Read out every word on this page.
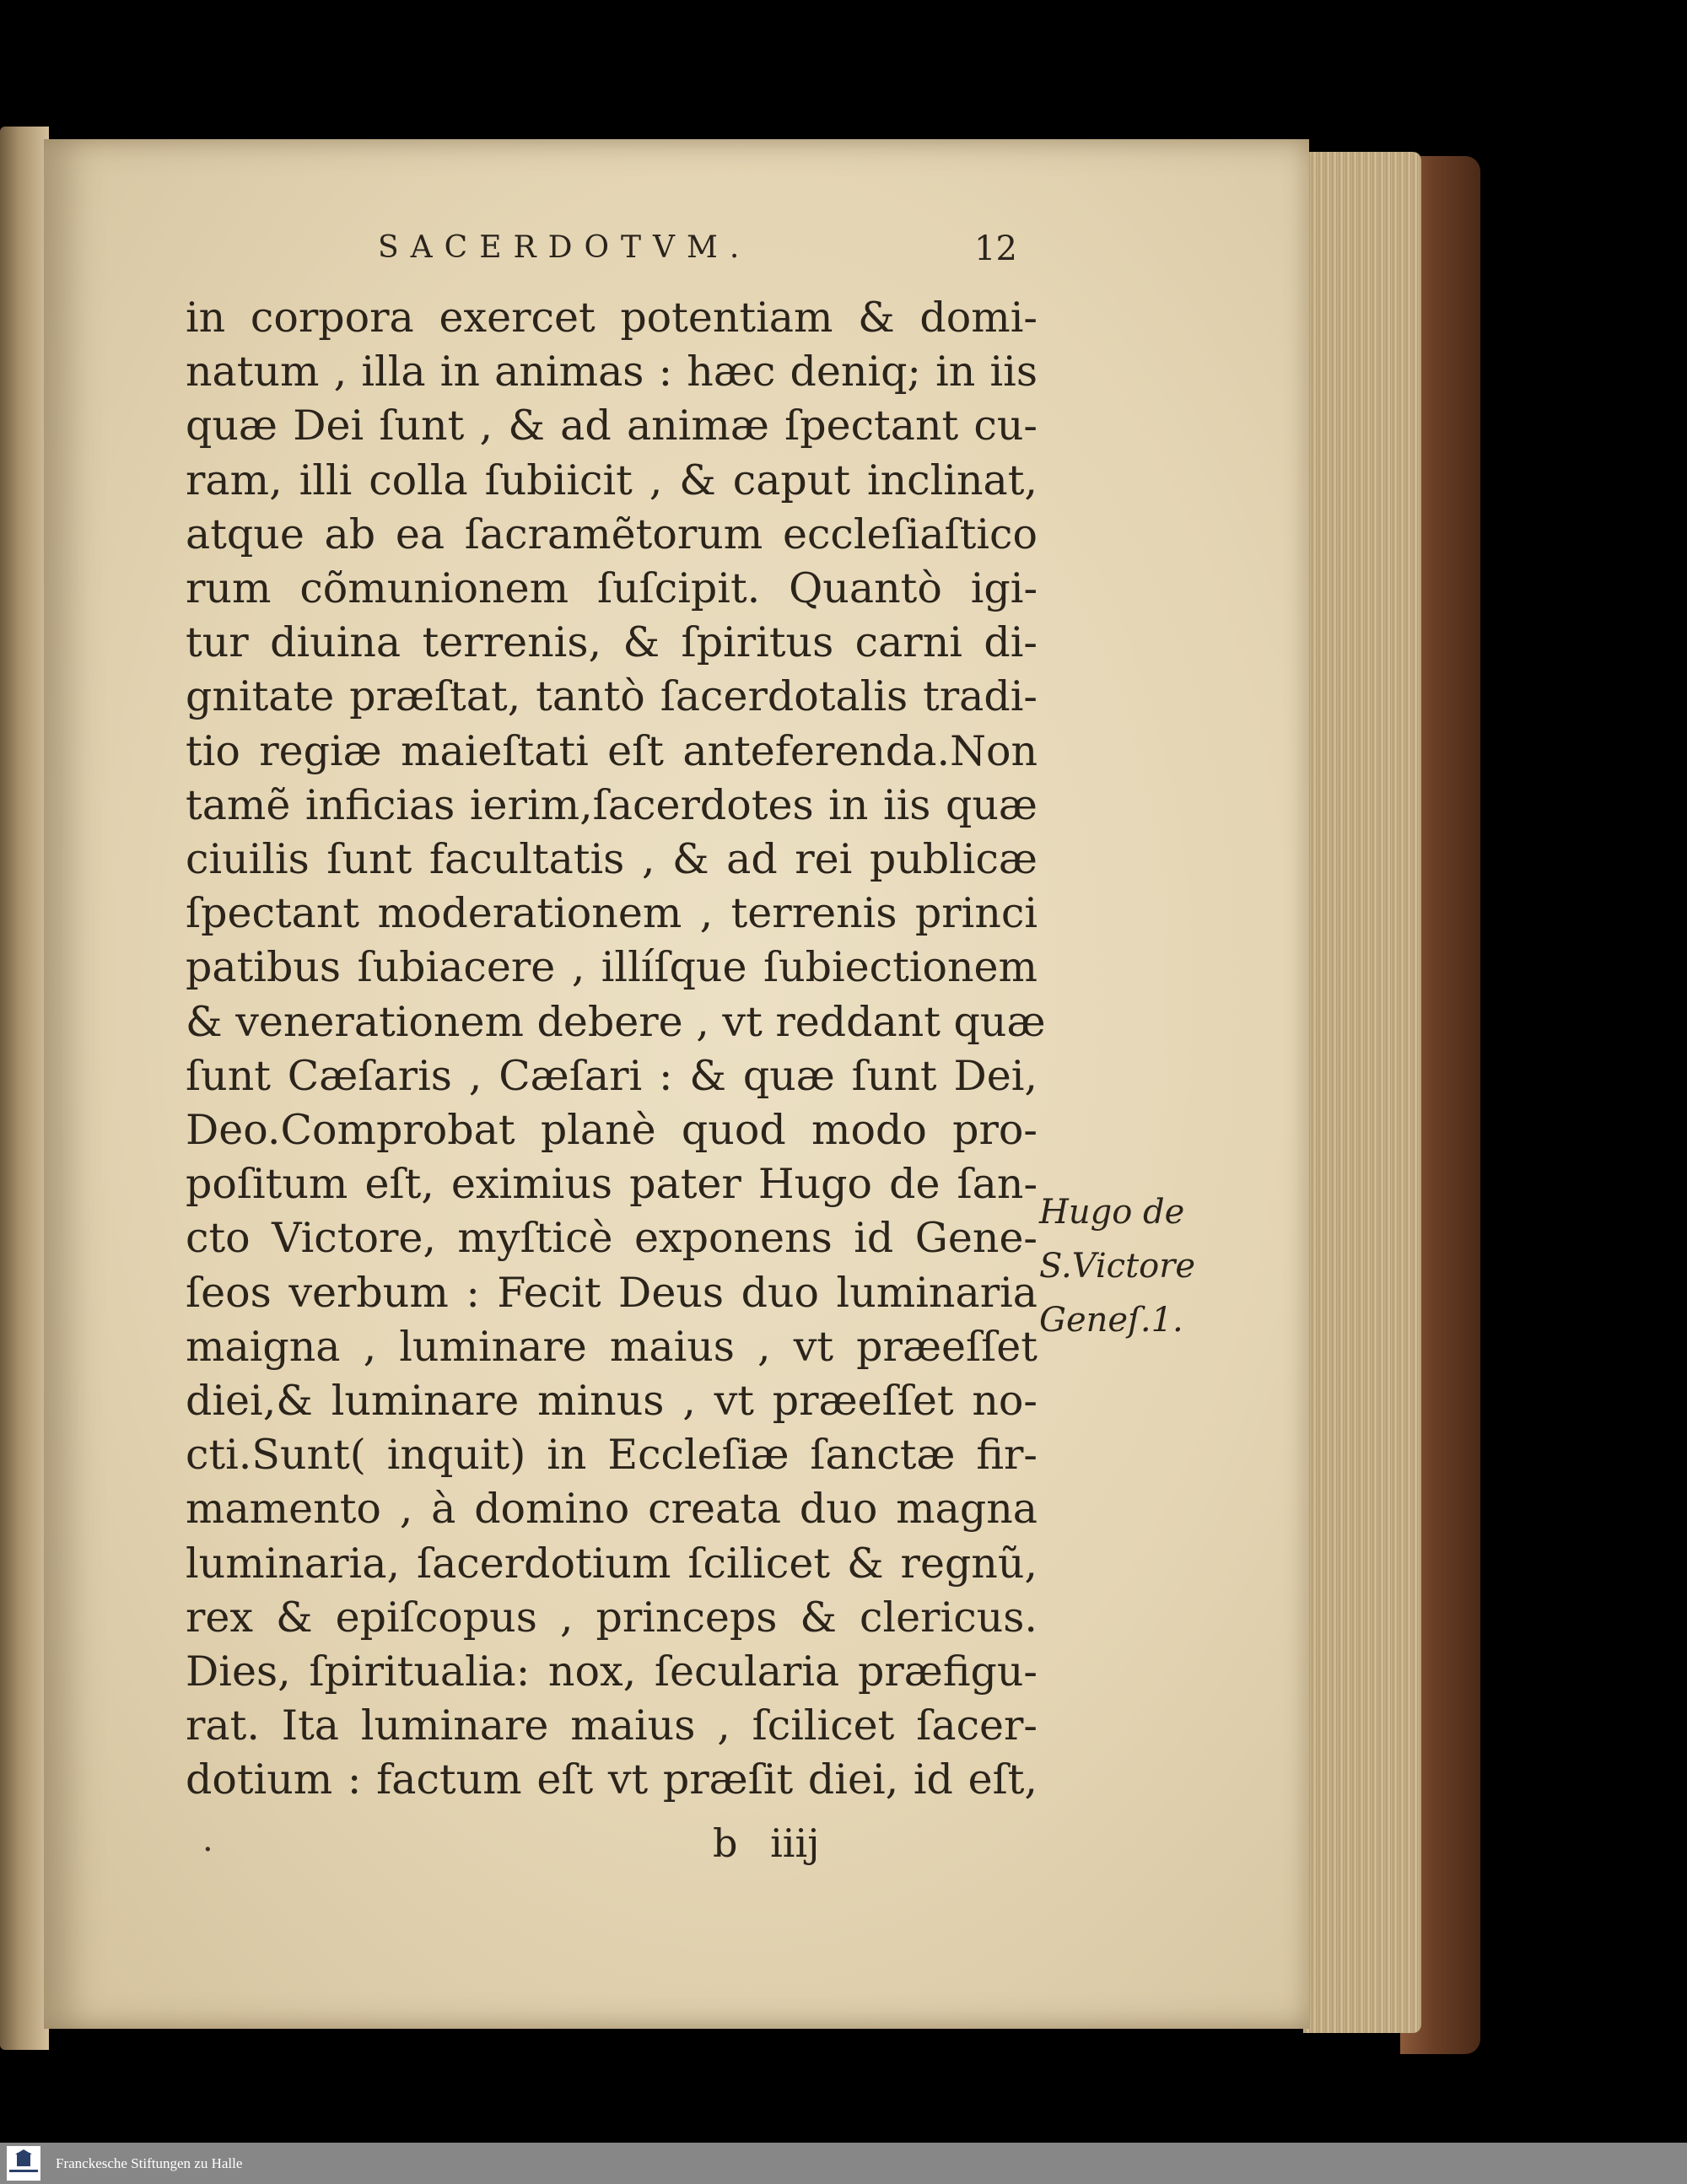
SACERDOTVM.	12
in corpora exercet potentiam & domi-
natum , illa in animas : hæc deniq; in iis
quæ Dei ſunt , & ad animæ ſpectant cu-
ram, illi colla ſubiicit , & caput inclinat,
atque ab ea ſacramẽtorum eccleſiaſtico
rum cõmunionem ſuſcipit. Quantò igi-
tur diuina terrenis, & ſpiritus carni di-
gnitate præſtat, tantò ſacerdotalis tradi-
tio regiæ maieſtati eſt anteferenda.Non
tamẽ inficias ierim,ſacerdotes in iis quæ
ciuilis ſunt facultatis , & ad rei publicæ
ſpectant moderationem , terrenis princi
patibus ſubiacere , illíſque ſubiectionem
& venerationem debere , vt reddant quæ
ſunt Cæſaris , Cæſari : & quæ ſunt Dei,
Deo.Comprobat planè quod modo pro-
poſitum eſt, eximius pater Hugo de ſan-
cto Victore, myſticè exponens id Gene-
ſeos verbum : Fecit Deus duo luminaria
maigna , luminare maius , vt præeſſet
diei,& luminare minus , vt præeſſet no-
cti.Sunt( inquit) in Eccleſiæ ſanctæ fir-
mamento , à domino creata duo magna
luminaria, ſacerdotium ſcilicet & regnũ,
rex & epiſcopus , princeps & clericus.
Dies, ſpiritualia: nox, ſecularia præfigu-
rat. Ita luminare maius , ſcilicet ſacer-
dotium : factum eſt vt præſit diei, id eſt,
Hugo de
S.Victore
Geneſ.1.
·	b iiij
Franckesche Stiftungen zu Halle
